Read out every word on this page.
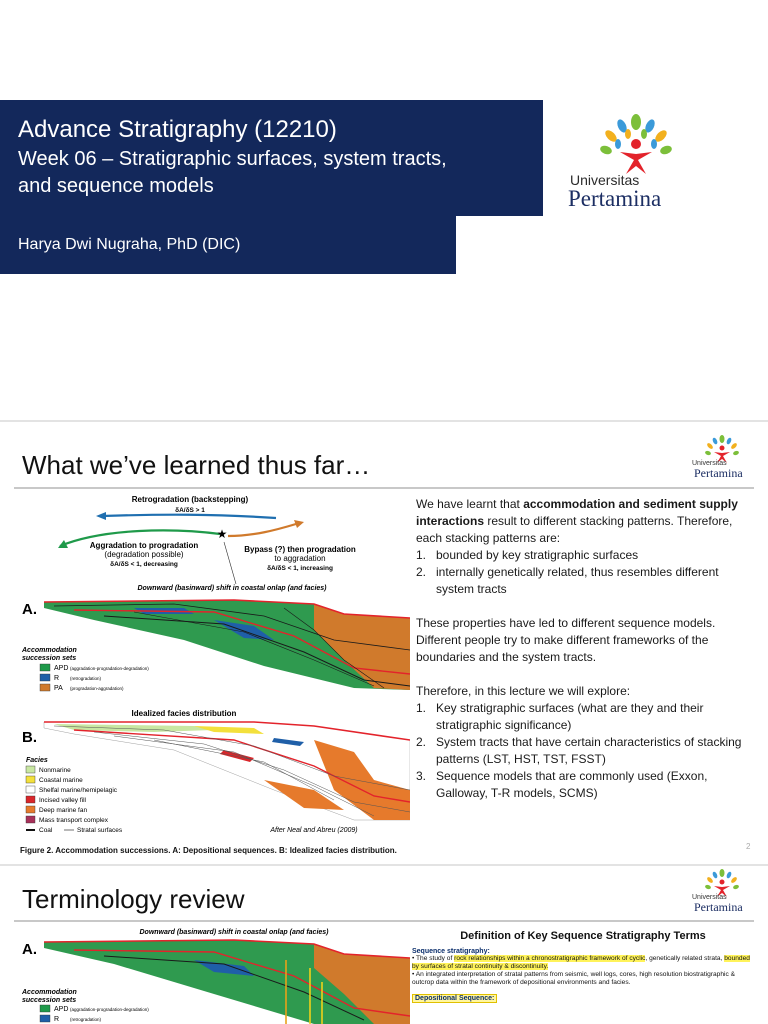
Advance Stratigraphy (12210)
Week 06 – Stratigraphic surfaces, system tracts,
and sequence models
Harya Dwi Nugraha, PhD (DIC)
Universitas
Pertamina
What we’ve learned thus far…	Universitas
Pertamina
Retrogradation (backstepping)
δA/δS > 1
★
Aggradation to progradation
(degradation possible)
δA/δS < 1, decreasing
Bypass (?) then progradation
to aggradation
δA/δS < 1, increasing
Downward (basinward) shift in coastal onlap (and facies)
A.
Accommodation
succession sets
APD (aggradation-progradation-degradation)
R (retrogradation)
PA (progradation-aggradation)
Idealized facies distribution
B.
Facies
Nonmarine
Coastal marine
Shelfal marine/hemipelagic
Incised valley fill
Deep marine fan
Mass transport complex
Coal	Stratal surfaces	After Neal and Abreu (2009)
Figure 2. Accommodation successions. A: Depositional sequences. B: Idealized facies distribution.

We have learnt that accommodation and sediment supply interactions result to different stacking patterns. Therefore, each stacking patterns are:

1. bounded by key stratigraphic surfaces
2. internally genetically related, thus resembles different system tracts

These properties have led to different sequence models. Different people try to make different frameworks of the boundaries and the system tracts.

Therefore, in this lecture we will explore:

1. Key stratigraphic surfaces (what are they and their stratigraphic significance)
2. System tracts that have certain characteristics of stacking patterns (LST, HST, TST, FSST)
3. Sequence models that are commonly used (Exxon, Galloway, T-R models, SCMS)
2
Terminology review	Universitas
Pertamina
Downward (basinward) shift in coastal onlap (and facies)
A.
Accommodation
succession sets
APD (aggradation-progradation-degradation)
R (retrogradation)
Definition of Key Sequence Stratigraphy Terms
Sequence stratigraphy:
• The study of rock relationships within a chronostratigraphic framework of cyclic, genetically related strata, bounded by surfaces of stratal continuity & discontinuity.
• An integrated interpretation of stratal patterns from seismic, well logs, cores, high resolution biostratigraphic & outcrop data within the framework of depositional environments and facies.
Depositional Sequence:
